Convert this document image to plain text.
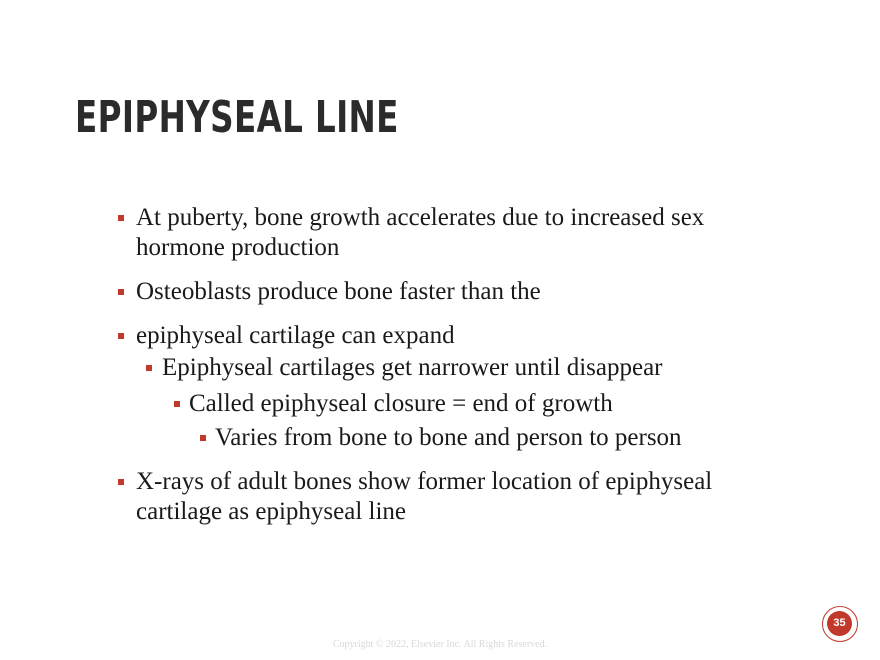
EPIPHYSEAL LINE
At puberty, bone growth accelerates due to increased sex hormone production
Osteoblasts produce bone faster than the
epiphyseal cartilage can expand
Epiphyseal cartilages get narrower until disappear
Called epiphyseal closure = end of growth
Varies from bone to bone and person to person
X-rays of adult bones show former location of epiphyseal cartilage as epiphyseal line
35
Copyright © 2022, Elsevier Inc. All Rights Reserved.
